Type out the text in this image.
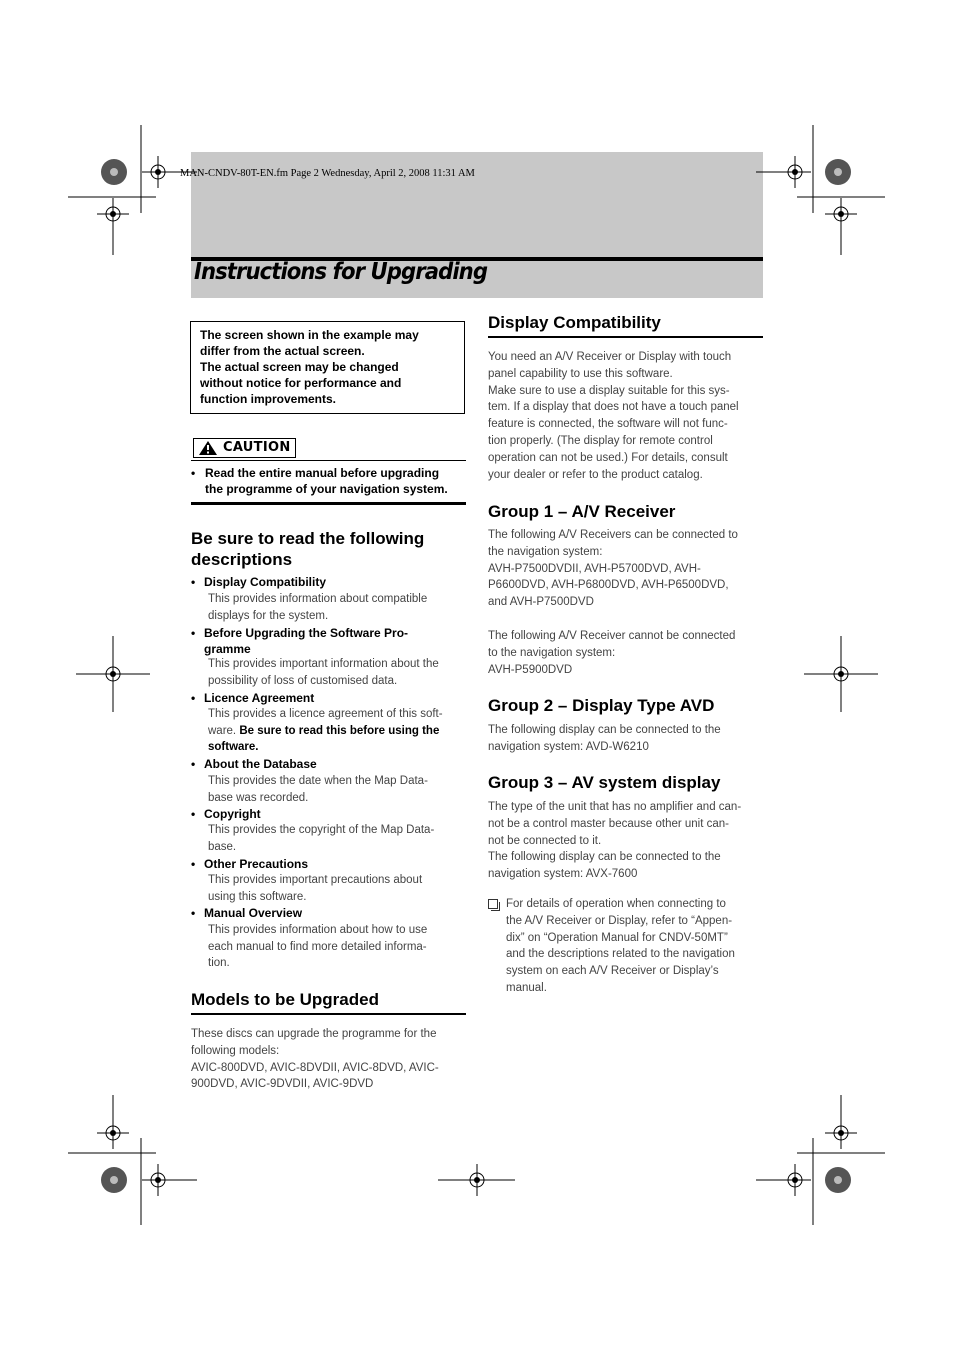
MAN-CNDV-80T-EN.fm Page 2 Wednesday, April 2, 2008 11:31 AM
Instructions for Upgrading
The screen shown in the example may
differ from the actual screen.
The actual screen may be changed
without notice for performance and
function improvements.
CAUTION
• Read the entire manual before upgrading
the programme of your navigation system.
Be sure to read the following
descriptions
• Display Compatibility
This provides information about compatible
displays for the system.
• Before Upgrading the Software Pro-
gramme
This provides important information about the
possibility of loss of customised data.
• Licence Agreement
This provides a licence agreement of this soft-
ware. Be sure to read this before using the
software.
• About the Database
This provides the date when the Map Data-
base was recorded.
• Copyright
This provides the copyright of the Map Data-
base.
• Other Precautions
This provides important precautions about
using this software.
• Manual Overview
This provides information about how to use
each manual to find more detailed informa-
tion.
Models to be Upgraded
These discs can upgrade the programme for the
following models:
AVIC-800DVD, AVIC-8DVDII, AVIC-8DVD, AVIC-
900DVD, AVIC-9DVDII, AVIC-9DVD
Display Compatibility
You need an A/V Receiver or Display with touch
panel capability to use this software.
Make sure to use a display suitable for this sys-
tem. If a display that does not have a touch panel
feature is connected, the software will not func-
tion properly. (The display for remote control
operation can not be used.) For details, consult
your dealer or refer to the product catalog.
Group 1 – A/V Receiver
The following A/V Receivers can be connected to
the navigation system:
AVH-P7500DVDII, AVH-P5700DVD, AVH-
P6600DVD, AVH-P6800DVD, AVH-P6500DVD,
and AVH-P7500DVD
The following A/V Receiver cannot be connected
to the navigation system:
AVH-P5900DVD
Group 2 – Display Type AVD
The following display can be connected to the
navigation system: AVD-W6210
Group 3 – AV system display
The type of the unit that has no amplifier and can-
not be a control master because other unit can-
not be connected to it.
The following display can be connected to the
navigation system: AVX-7600
For details of operation when connecting to
the A/V Receiver or Display, refer to “Appen-
dix” on “Operation Manual for CNDV-50MT”
and the descriptions related to the navigation
system on each A/V Receiver or Display’s
manual.
